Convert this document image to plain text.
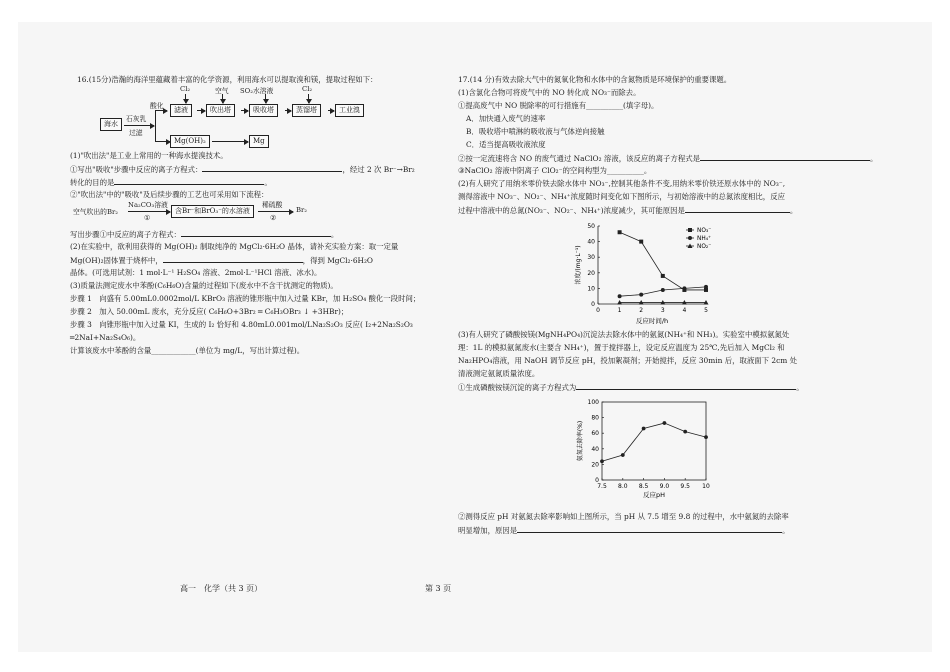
16.(15分)浩瀚的海洋里蕴藏着丰富的化学资源，利用海水可以提取溴和镁，提取过程如下：
海水
石灰乳
过滤
酸化	滤液	吹出塔	吸收塔	蒸馏塔	工业溴
Cl₂	空气 SO₂水溶液	Cl₂
Mg(OH)₂	Mg
(1)"吹出法"是工业上常用的一种海水提溴技术。
①写出"吸收"步骤中反应的离子方程式：	，经过 2 次 Br⁻→Br₂
转化的目的是	。
②"吹出法"中的"吸收"及后续步骤的工艺也可采用如下流程：
空气吹出的Br₂
Na₂CO₃溶液
①
含Br⁻和BrO₃⁻的水溶液
稀硫酸
②
Br₂
写出步骤①中反应的离子方程式：	。
(2)在实验中，欲利用获得的 Mg(OH)₂ 制取纯净的 MgCl₂·6H₂O 晶体，请补充实验方案：取一定量
Mg(OH)₂固体置于烧杯中，	，得到 MgCl₂·6H₂O
晶体。(可选用试剂：1 mol·L⁻¹ H₂SO₄ 溶液、2mol·L⁻¹HCl 溶液、冰水)。
(3)质量法测定废水中苯酚(C₆H₆O)含量的过程如下(废水中不含干扰测定的物质)。
步骤 1　向盛有 5.00mL0.0002mol/L KBrO₃ 溶液的锥形瓶中加入过量 KBr，加 H₂SO₄ 酸化一段时间；
步骤 2　加入 50.00mL 废水，充分反应( C₆H₆O+3Br₂ ═ C₆H₃OBr₃ ↓ +3HBr)；
步骤 3　向锥形瓶中加入过量 KI，生成的 I₂ 恰好和 4.80mL0.001mol/LNa₂S₂O₃ 反应( I₂+2Na₂S₂O₃
═2NaI+Na₂S₄O₆)。
计算该废水中苯酚的含量____________(单位为 mg/L，写出计算过程)。
17.(14 分)有效去除大气中的氮氧化物和水体中的含氮物质是环境保护的重要课题。
(1)含氯化合物可将废气中的 NO 转化成 NO₃⁻而除去。
①提高废气中 NO 脱除率的可行措施有__________(填字母)。
A．加快通入废气的速率
B．吸收塔中喷淋的吸收液与气体逆向接触
C．适当提高吸收液浓度
②按一定流速将含 NO 的废气通过 NaClO₂ 溶液，该反应的离子方程式是	。
③NaClO₂ 溶液中阴离子 ClO₂⁻的空间构型为__________。
(2)有人研究了用纳米零价铁去除水体中 NO₃⁻,控制其他条件不变,用纳米零价铁还原水体中的 NO₃⁻,
测得溶液中 NO₃⁻、NO₂⁻、NH₄⁺浓度随时间变化如下图所示，与初始溶液中的总氮浓度相比，反应
过程中溶液中的总氮(NO₃⁻、NO₂⁻、NH₄⁺)浓度减少，其可能原因是	。
0
10
20
30
40
50
0	1	2	3	4	5
反应时间/h
浓度/(mg·L⁻¹)
NO₃⁻
NH₄⁺
NO₂⁻
(3)有人研究了磷酸铵镁(MgNH₄PO₄)沉淀法去除水体中的氨氮(NH₄⁺和 NH₃)。实验室中模拟氨氮处
理：1L 的模拟氨氮废水(主要含 NH₄⁺)，置于搅拌器上，设定反应温度为 25℃,先后加入 MgCl₂ 和
Na₂HPO₄溶液，用 NaOH 调节反应 pH，投加絮凝剂；开始搅拌，反应 30min 后，取液面下 2cm 处
清液测定氨氮质量浓度。
①生成磷酸铵镁沉淀的离子方程式为	。
0
20
40
60
80
100
7.5 8.0 8.5 9.0 9.5 10
反应pH
氨氮去除率(%)
②测得反应 pH 对氨氮去除率影响如上图所示，当 pH 从 7.5 增至 9.8 的过程中，水中氨氮的去除率
明显增加，原因是	。
高一　化学（共 3 页）	第 3 页
